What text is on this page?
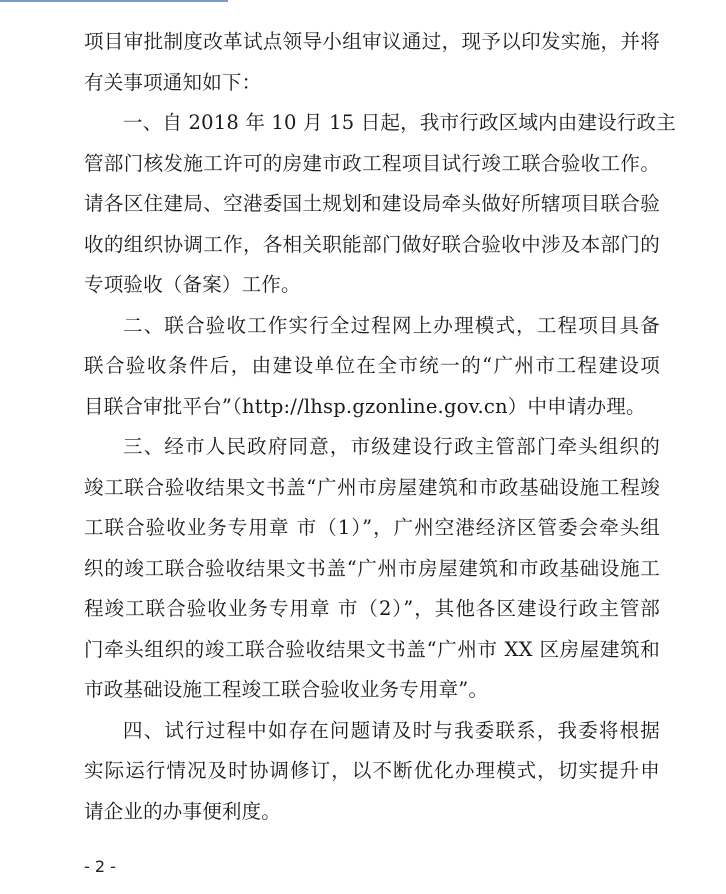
项目审批制度改革试点领导小组审议通过，现予以印发实施，并将
有关事项通知如下：
一、自 2018 年 10 月 15 日起，我市行政区域内由建设行政主
管部门核发施工许可的房建市政工程项目试行竣工联合验收工作。
请各区住建局、空港委国土规划和建设局牵头做好所辖项目联合验
收的组织协调工作，各相关职能部门做好联合验收中涉及本部门的
专项验收（备案）工作。
二、联合验收工作实行全过程网上办理模式，工程项目具备
联合验收条件后，由建设单位在全市统一的“广州市工程建设项
目联合审批平台”（http://lhsp.gzonline.gov.cn）中申请办理。
三、经市人民政府同意，市级建设行政主管部门牵头组织的
竣工联合验收结果文书盖“广州市房屋建筑和市政基础设施工程竣
工联合验收业务专用章 市（1）”，广州空港经济区管委会牵头组
织的竣工联合验收结果文书盖“广州市房屋建筑和市政基础设施工
程竣工联合验收业务专用章 市（2）”，其他各区建设行政主管部
门牵头组织的竣工联合验收结果文书盖“广州市 XX 区房屋建筑和
市政基础设施工程竣工联合验收业务专用章”。
四、试行过程中如存在问题请及时与我委联系，我委将根据
实际运行情况及时协调修订，以不断优化办理模式，切实提升申
请企业的办事便利度。
- 2 -
